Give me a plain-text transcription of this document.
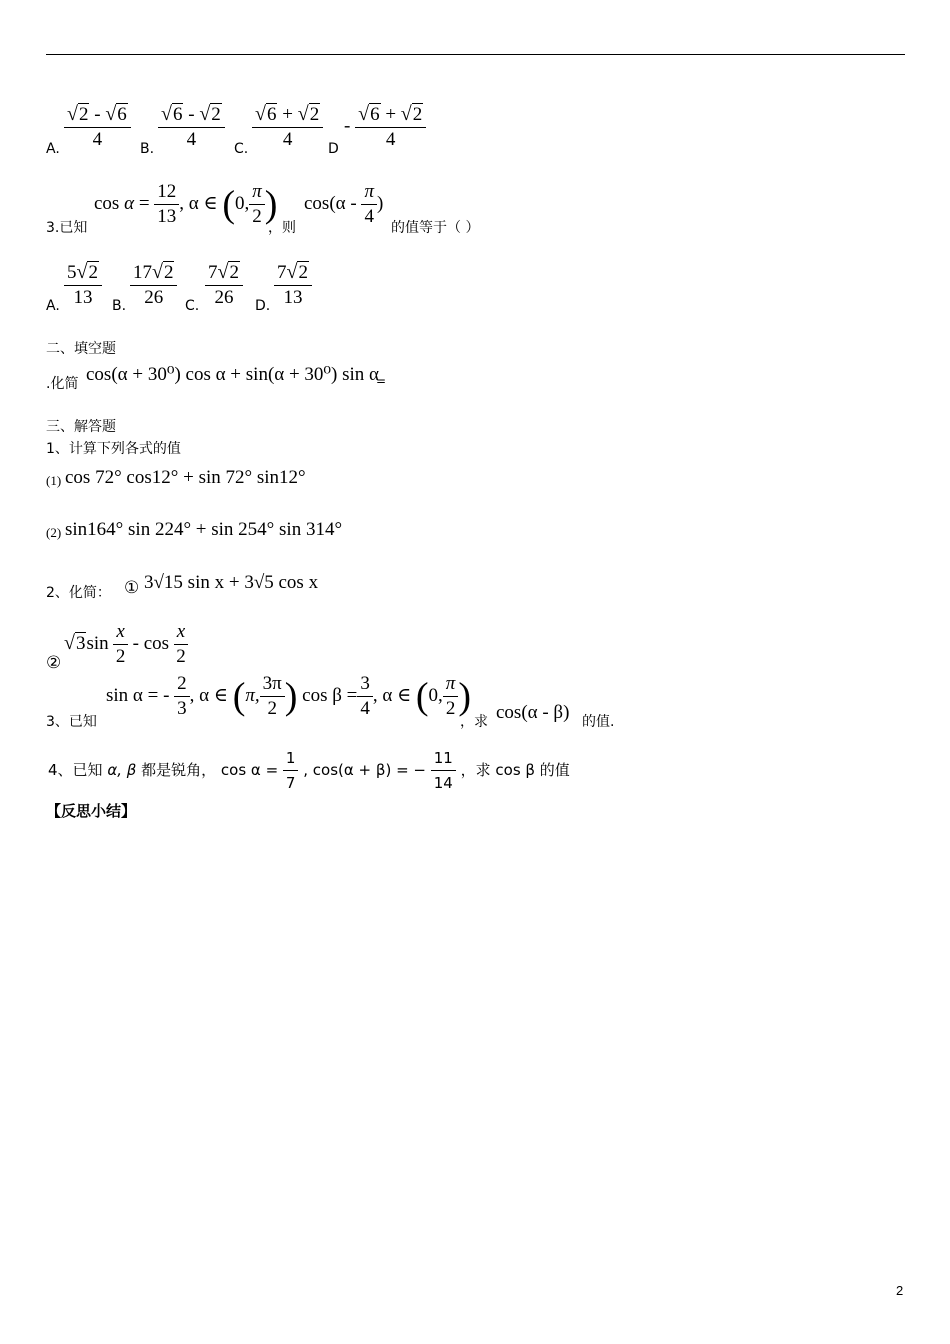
A. $\frac{√2 - √6}{4} B$. $\frac{√6 - √2}{4} C$. $\frac{√6 + √2}{4}$ D
- $\frac{√6 + √2}{4}$
3.已知
$\cos \alpha = \frac{12}{13}$ , α ∈ (0, $\frac{\pi}{2}$ )
，则
$\cos(\alpha - \frac{\pi}{4}$ )
的值等于（ ）
A. $\frac{5√2}{13} B$. $\frac{17√2}{26} C$. $\frac{7√2}{26} D$. $\frac{7√2}{13}$
二、填空题
.化简 cos(α + 30⁰) cos α + sin(α + 30⁰) sin α
=
三、解答题
1、计算下列各式的值
(1) cos 72° cos12° + sin 72° sin12°
(2) sin164° sin 224° + sin 254° sin 314°
2、化简： ① 3√15 sin x + 3√5 cos x
②
$√3\sin \frac{x}{2}$ - $\cos \frac{x}{2}$
3、已知
sin α = - $\frac{2}{3}$ , α ∈ (π, $\frac{3\pi}{2}$ ) $\cos \beta = \frac{3}{4}$ , α ∈ (0, $\frac{\pi}{2}$ )
，求 cos(α - β) 的值.
4、已知 α, β 都是锐角， $\cos \alpha = \frac{1}{7}$ , cos(α + β) = − $\frac{11}{14}$ ，求 cos β 的值
【反思小结】
2
